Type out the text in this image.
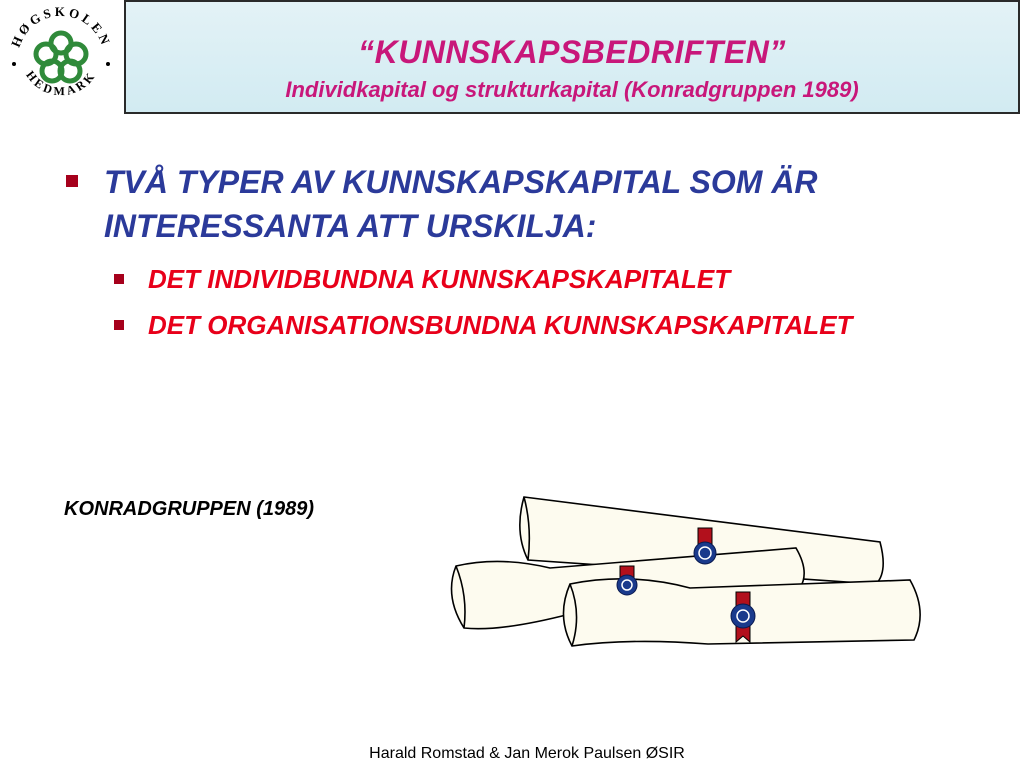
HØGSKOLEN
HEDMARK
“KUNNSKAPSBEDRIFTEN”
Individkapital og strukturkapital (Konradgruppen 1989)
TVÅ TYPER AV KUNNSKAPSKAPITAL SOM ÄR INTERESSANTA ATT URSKILJA:
DET INDIVIDBUNDNA KUNNSKAPSKAPITALET
DET ORGANISATIONSBUNDNA KUNNSKAPSKAPITALET
KONRADGRUPPEN (1989)
Harald Romstad & Jan Merok Paulsen ØSIR
